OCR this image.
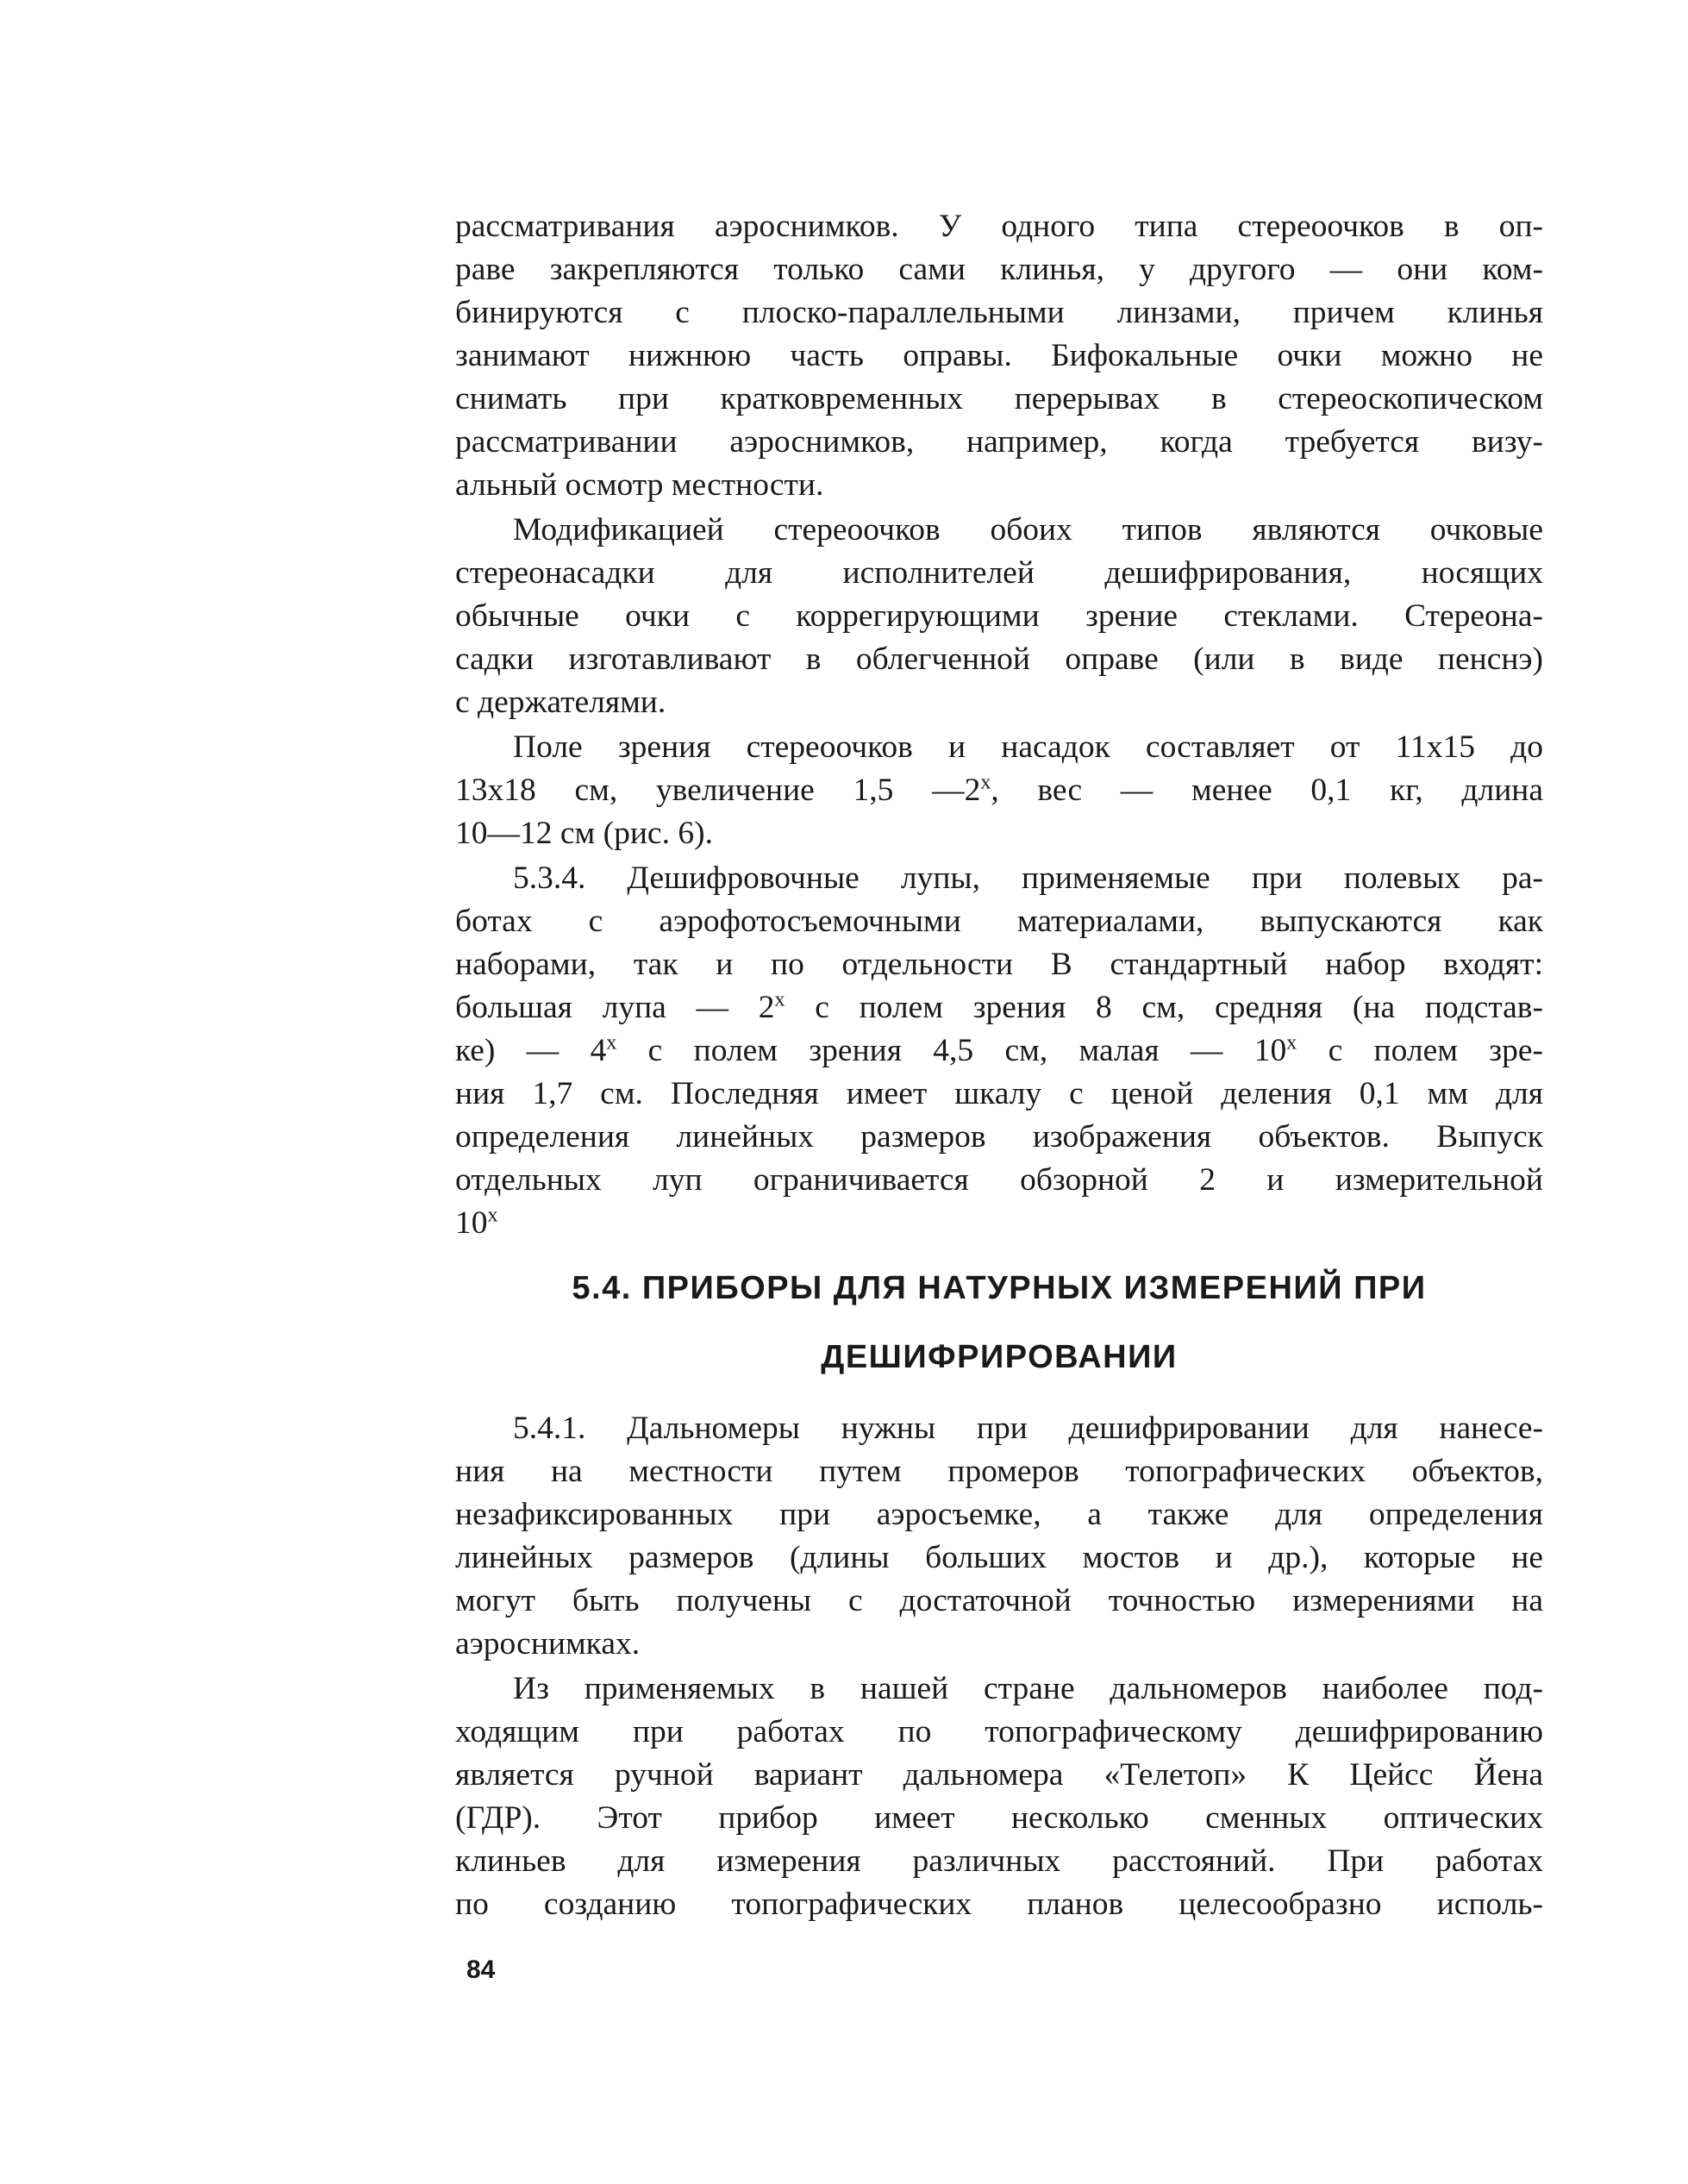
рассматривания аэроснимков. У одного типа стереоочков в оп-
раве закрепляются только сами клинья, у другого — они ком-
бинируются с плоско-параллельными линзами, причем клинья
занимают нижнюю часть оправы. Бифокальные очки можно не
снимать при кратковременных перерывах в стереоскопическом
рассматривании аэроснимков, например, когда требуется визу-
альный осмотр местности.

Модификацией стереоочков обоих типов являются очковые
стереонасадки для исполнителей дешифрирования, носящих
обычные очки с коррегирующими зрение стеклами. Стереона-
садки изготавливают в облегченной оправе (или в виде пенснэ)
с держателями.

Поле зрения стереоочков и насадок составляет от 11х15 до
13х18 см, увеличение 1,5 $—2^х$, вес — менее 0,1 кг, длина
10—12 см (рис. 6).

5.3.4. Дешифровочные лупы, применяемые при полевых ра-
ботах с аэрофотосъемочными материалами, выпускаются как
наборами, так и по отдельности В стандартный набор входят:
большая лупа — $2^х$ с полем зрения 8 см, средняя (на подстав-
ке) — $4^х$ с полем зрения 4,5 см, малая — $10^х$ с полем зре-
ния 1,7 см. Последняя имеет шкалу с ценой деления 0,1 мм для
определения линейных размеров изображения объектов. Выпуск
отдельных луп ограничивается обзорной 2 и измерительной
$10^х$

5.4. ПРИБОРЫ ДЛЯ НАТУРНЫХ ИЗМЕРЕНИЙ ПРИ
ДЕШИФРИРОВАНИИ

5.4.1. Дальномеры нужны при дешифрировании для нанесе-
ния на местности путем промеров топографических объектов,
незафиксированных при аэросъемке, а также для определения
линейных размеров (длины больших мостов и др.), которые не
могут быть получены с достаточной точностью измерениями на
аэроснимках.

Из применяемых в нашей стране дальномеров наиболее под-
ходящим при работах по топографическому дешифрированию
является ручной вариант дальномера «Телетоп» К Цейсс Йена
(ГДР). Этот прибор имеет несколько сменных оптических
клиньев для измерения различных расстояний. При работах
по созданию топографических планов целесообразно исполь-

84
